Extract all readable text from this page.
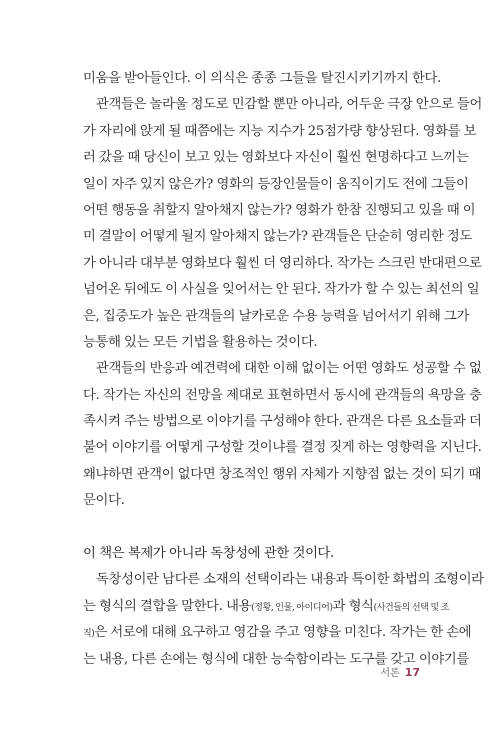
미움을 받아들인다. 이 의식은 종종 그들을 탈진시키기까지 한다.
관객들은 놀라울 정도로 민감할 뿐만 아니라, 어두운 극장 안으로 들어
가 자리에 앉게 될 때쯤에는 지능 지수가 25점가량 향상된다. 영화를 보
러 갔을 때 당신이 보고 있는 영화보다 자신이 훨씬 현명하다고 느끼는
일이 자주 있지 않은가? 영화의 등장인물들이 움직이기도 전에 그들이
어떤 행동을 취할지 알아채지 않는가? 영화가 한참 진행되고 있을 때 이
미 결말이 어떻게 될지 알아채지 않는가? 관객들은 단순히 영리한 정도
가 아니라 대부분 영화보다 훨씬 더 영리하다. 작가는 스크린 반대편으로
넘어온 뒤에도 이 사실을 잊어서는 안 된다. 작가가 할 수 있는 최선의 일
은, 집중도가 높은 관객들의 날카로운 수용 능력을 넘어서기 위해 그가
능통해 있는 모든 기법을 활용하는 것이다.
관객들의 반응과 예견력에 대한 이해 없이는 어떤 영화도 성공할 수 없
다. 작가는 자신의 전망을 제대로 표현하면서 동시에 관객들의 욕망을 충
족시켜 주는 방법으로 이야기를 구성해야 한다. 관객은 다른 요소들과 더
불어 이야기를 어떻게 구성할 것이냐를 결정 짓게 하는 영향력을 지닌다.
왜냐하면 관객이 없다면 창조적인 행위 자체가 지향점 없는 것이 되기 때
문이다.
이 책은 복제가 아니라 독창성에 관한 것이다.
독창성이란 남다른 소재의 선택이라는 내용과 특이한 화법의 조형이라
는 형식의 결합을 말한다. 내용(정황, 인물, 아이디어)과 형식(사건들의 선택 및 조
직)은 서로에 대해 요구하고 영감을 주고 영향을 미친다. 작가는 한 손에
는 내용, 다른 손에는 형식에 대한 능숙함이라는 도구를 갖고 이야기를
서론 17
